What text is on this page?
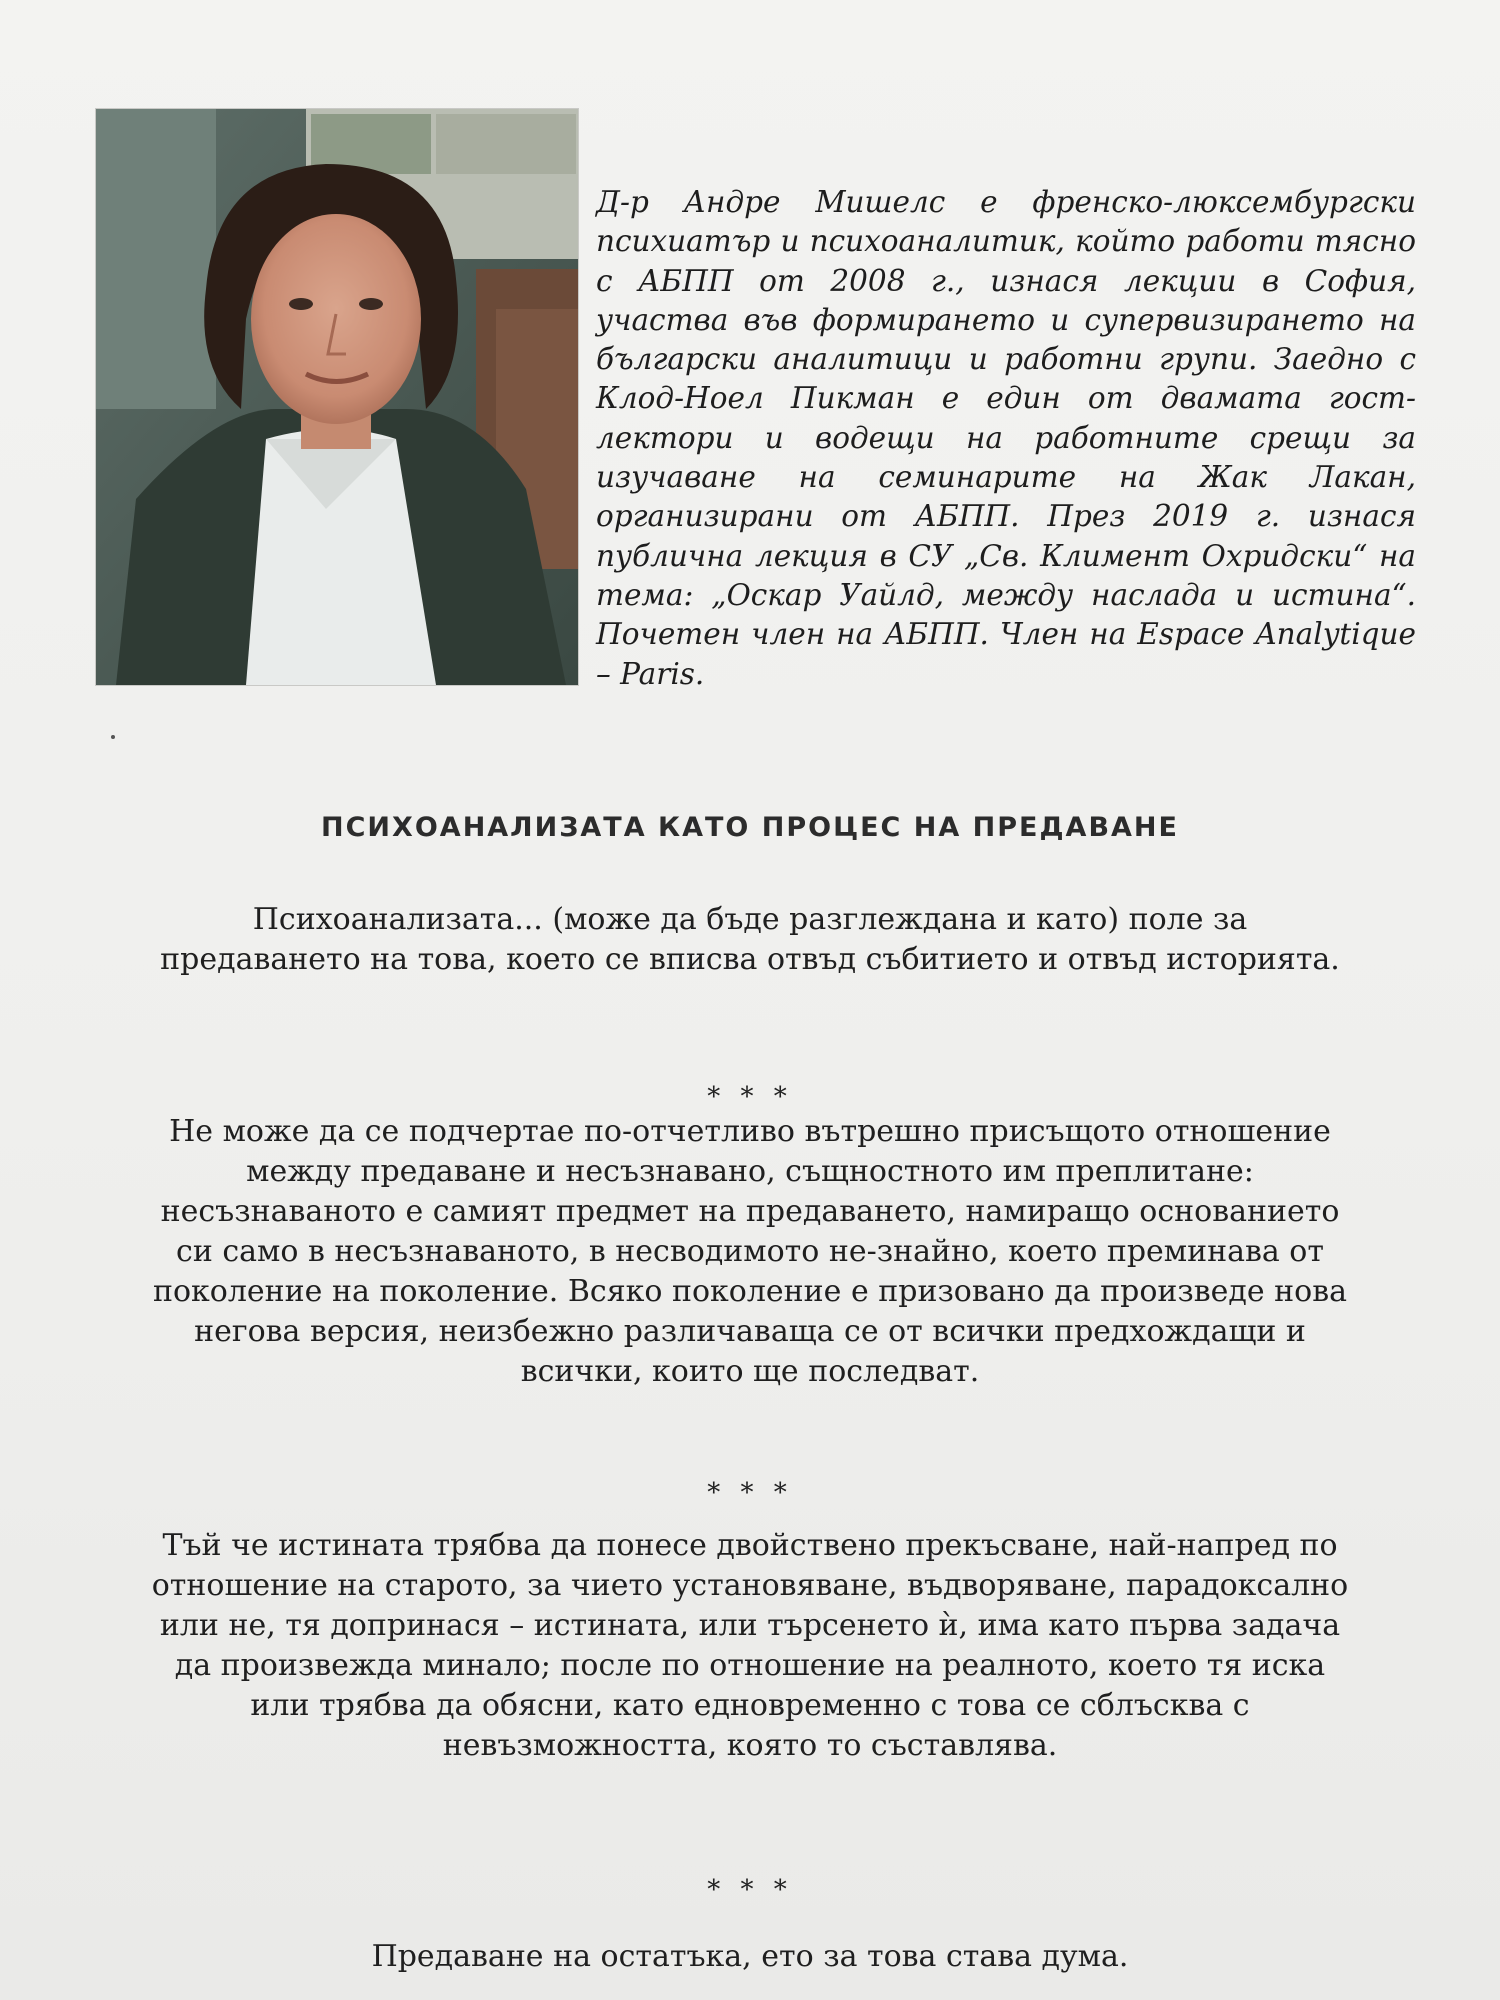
Д-р Андре Мишелс е френско-люксембургски психиатър и психоаналитик, който работи тясно с АБПП от 2008 г., изнася лекции в София, участва във формирането и супервизирането на български аналитици и работни групи. Заедно с Клод-Ноел Пикман е един от двамата гост-лектори и водещи на работните срещи за изучаване на семинарите на Жак Лакан, организирани от АБПП. През 2019 г. изнася публична лекция в СУ „Св. Климент Охридски“ на тема: „Оскар Уайлд, между наслада и истина“. Почетен член на АБПП. Член на Espace Analytique – Paris.
ПСИХОАНАЛИЗАТА КАТО ПРОЦЕС НА ПРЕДАВАНЕ
Психоанализата... (може да бъде разглеждана и като) поле за предаването на това, което се вписва отвъд събитието и отвъд историята.
* * *
Не може да се подчертае по-отчетливо вътрешно присъщото отношение между предаване и несъзнавано, същностното им преплитане: несъзнаваното е самият предмет на предаването, намиращо основанието си само в несъзнаваното, в несводимото не-знайно, което преминава от поколение на поколение. Всяко поколение е призовано да произведе нова негова версия, неизбежно различаваща се от всички предхождащи и всички, които ще последват.
* * *
Тъй че истината трябва да понесе двойствено прекъсване, най-напред по отношение на старото, за чието установяване, въдворяване, парадоксално или не, тя допринася – истината, или търсенето ѝ, има като първа задача да произвежда минало; после по отношение на реалното, което тя иска или трябва да обясни, като едновременно с това се сблъсква с невъзможността, която то съставлява.
* * *
Предаване на остатъка, ето за това става дума.
